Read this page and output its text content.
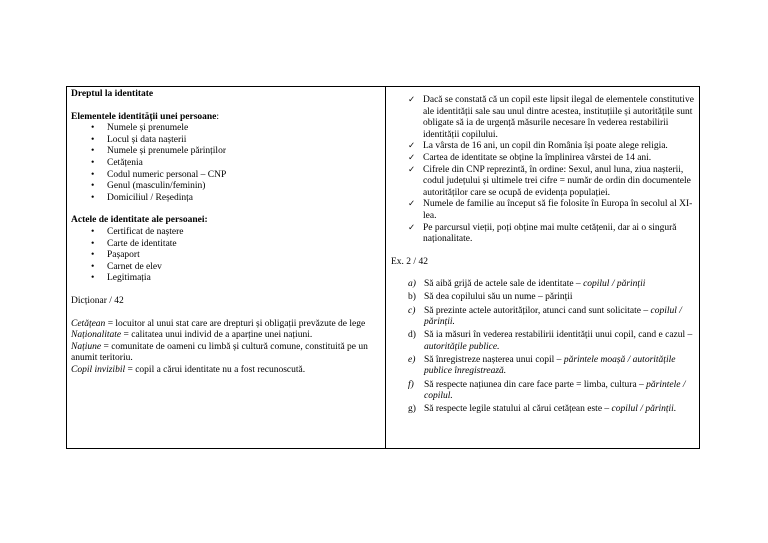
Dreptul la identitate
Elementele identității unei persoane:
• Numele și prenumele
• Locul și data nașterii
• Numele și prenumele părinților
• Cetățenia
• Codul numeric personal – CNP
• Genul (masculin/feminin)
• Domiciliul / Reședința
Actele de identitate ale persoanei:
• Certificat de naștere
• Carte de identitate
• Pașaport
• Carnet de elev
• Legitimația
Dicționar / 42
Cetățean = locuitor al unui stat care are drepturi și obligații prevăzute de lege
Naționalitate = calitatea unui individ de a aparține unei națiuni.
Națiune = comunitate de oameni cu limbă și cultură comune, constituită pe un anumit teritoriu.
Copil invizibil = copil a cărui identitate nu a fost recunoscută.
✓ Dacă se constată că un copil este lipsit ilegal de elementele constitutive ale identității sale sau unul dintre acestea, instituțiile și autoritățile sunt obligate să ia de urgență măsurile necesare în vederea restabilirii identității copilului.
✓ La vârsta de 16 ani, un copil din România își poate alege religia.
✓ Cartea de identitate se obține la împlinirea vârstei de 14 ani.
✓ Cifrele din CNP reprezintă, în ordine: Sexul, anul luna, ziua nașterii, codul județului și ultimele trei cifre = număr de ordin din documentele autorităților care se ocupă de evidența populației.
✓ Numele de familie au început să fie folosite în Europa în secolul al XI-lea.
✓ Pe parcursul vieții, poți obține mai multe cetățenii, dar ai o singură naționalitate.
Ex. 2 / 42
a) Să aibă grijă de actele sale de identitate – copilul / părinții
b) Să dea copilului său un nume – părinții
c) Să prezinte actele autorităților, atunci cand sunt solicitate – copilul / părinții.
d) Să ia măsuri în vederea restabilirii identității unui copil, cand e cazul – autoritățile publice.
e) Să înregistreze nașterea unui copil – părintele moașă / autoritățile publice înregistrează.
f) Să respecte națiunea din care face parte = limba, cultura – părintele / copilul.
g) Să respecte legile statului al cărui cetățean este – copilul / părinții.
